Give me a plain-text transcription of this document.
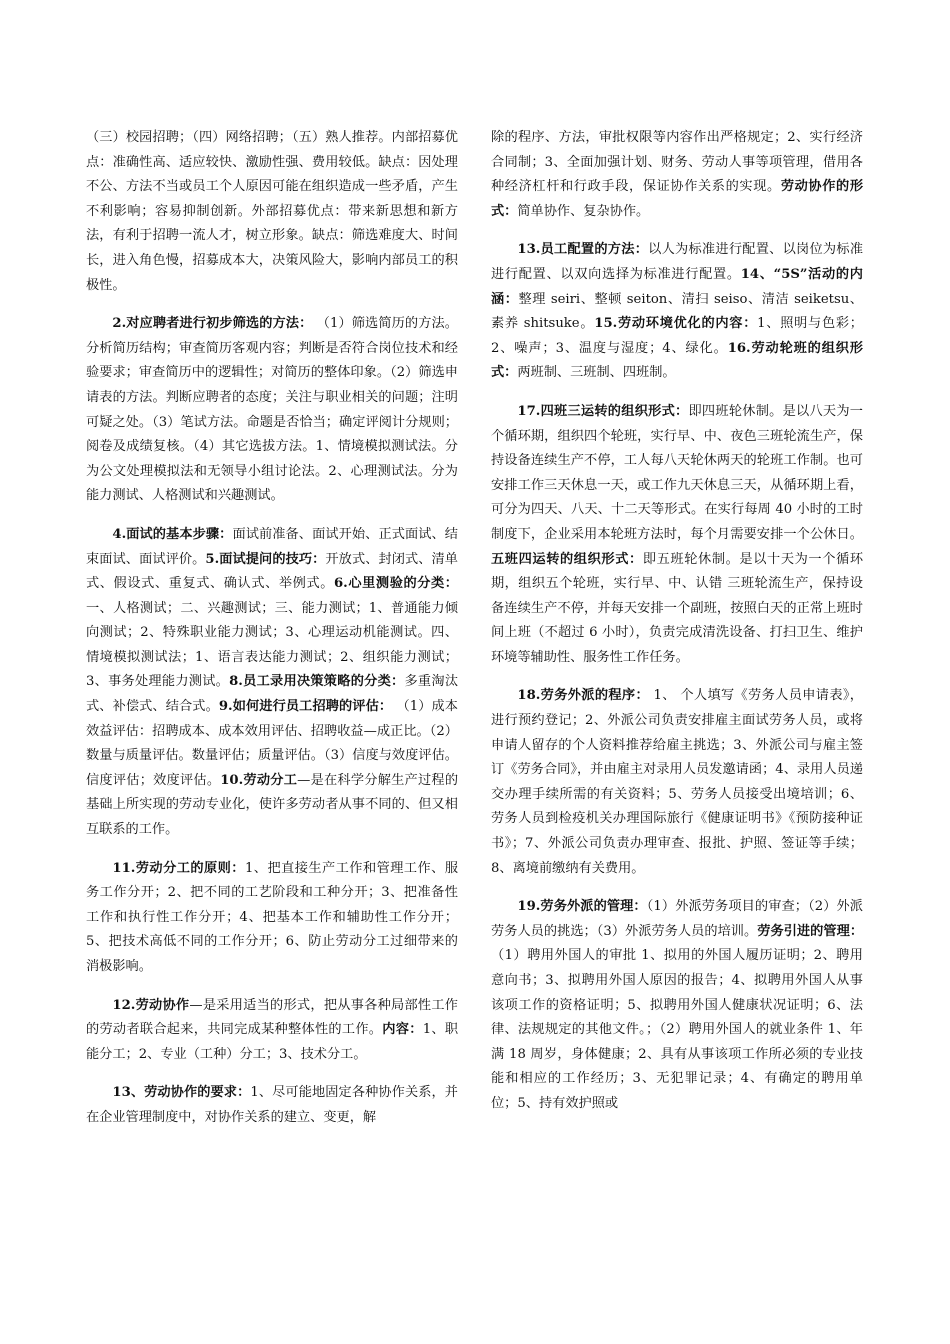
（三）校园招聘；（四）网络招聘；（五）熟人推荐。内部招募优点：准确性高、适应较快、激励性强、费用较低。缺点：因处理不公、方法不当或员工个人原因可能在组织造成一些矛盾，产生不利影响；容易抑制创新。外部招募优点：带来新思想和新方法，有利于招聘一流人才，树立形象。缺点：筛选难度大、时间长，进入角色慢，招募成本大，决策风险大，影响内部员工的积极性。

2.对应聘者进行初步筛选的方法： （1）筛选简历的方法。分析简历结构；审查简历客观内容；判断是否符合岗位技术和经验要求；审查简历中的逻辑性；对简历的整体印象。（2）筛选申请表的方法。判断应聘者的态度；关注与职业相关的问题；注明可疑之处。（3）笔试方法。命题是否恰当；确定评阅计分规则；阅卷及成绩复核。（4）其它选拔方法。1、情境模拟测试法。分为公文处理模拟法和无领导小组讨论法。2、心理测试法。分为能力测试、人格测试和兴趣测试。

4.面试的基本步骤：面试前准备、面试开始、正式面试、结束面试、面试评价。5.面试提问的技巧：开放式、封闭式、清单式、假设式、重复式、确认式、举例式。6.心里测验的分类：一、人格测试；二、兴趣测试；三、能力测试；1、普通能力倾向测试；2、特殊职业能力测试；3、心理运动机能测试。四、情境模拟测试法；1、语言表达能力测试；2、组织能力测试；3、事务处理能力测试。8.员工录用决策策略的分类：多重淘汰式、补偿式、结合式。9.如何进行员工招聘的评估： （1）成本效益评估：招聘成本、成本效用评估、招聘收益—成正比。（2）数量与质量评估。数量评估；质量评估。（3）信度与效度评估。信度评估；效度评估。10.劳动分工—是在科学分解生产过程的基础上所实现的劳动专业化，使许多劳动者从事不同的、但又相互联系的工作。

11.劳动分工的原则：1、把直接生产工作和管理工作、服务工作分开；2、把不同的工艺阶段和工种分开；3、把准备性工作和执行性工作分开；4、把基本工作和辅助性工作分开；5、把技术高低不同的工作分开；6、防止劳动分工过细带来的消极影响。

12.劳动协作—是采用适当的形式，把从事各种局部性工作的劳动者联合起来，共同完成某种整体性的工作。内容：1、职能分工；2、专业（工种）分工；3、技术分工。

13、劳动协作的要求：1、尽可能地固定各种协作关系，并在企业管理制度中，对协作关系的建立、变更，解

除的程序、方法，审批权限等内容作出严格规定；2、实行经济合同制；3、全面加强计划、财务、劳动人事等项管理，借用各种经济杠杆和行政手段，保证协作关系的实现。劳动协作的形式：简单协作、复杂协作。

13.员工配置的方法：以人为标准进行配置、以岗位为标准进行配置、以双向选择为标准进行配置。14、“5S”活动的内涵：整理 seiri、整顿 seiton、清扫 seiso、清洁 seiketsu、素养 shitsuke。15.劳动环境优化的内容：1、照明与色彩；2、噪声；3、温度与湿度；4、绿化。16.劳动轮班的组织形式：两班制、三班制、四班制。

17.四班三运转的组织形式：即四班轮休制。是以八天为一个循环期，组织四个轮班，实行早、中、夜色三班轮流生产，保持设备连续生产不停，工人每八天轮休两天的轮班工作制。也可安排工作三天休息一天，或工作九天休息三天，从循环期上看，可分为四天、八天、十二天等形式。在实行每周 40 小时的工时制度下，企业采用本轮班方法时，每个月需要安排一个公休日。五班四运转的组织形式：即五班轮休制。是以十天为一个循环期，组织五个轮班，实行早、中、认错 三班轮流生产，保持设备连续生产不停，并每天安排一个副班，按照白天的正常上班时间上班（不超过 6 小时），负责完成清洗设备、打扫卫生、维护环境等辅助性、服务性工作任务。

18.劳务外派的程序： 1、 个人填写《劳务人员申请表》，进行预约登记；2、外派公司负责安排雇主面试劳务人员，或将申请人留存的个人资料推荐给雇主挑选；3、外派公司与雇主签订《劳务合同》，并由雇主对录用人员发邀请函；4、录用人员递交办理手续所需的有关资料；5、劳务人员接受出境培训；6、劳务人员到检疫机关办理国际旅行《健康证明书》《预防接种证书》；7、外派公司负责办理审查、报批、护照、签证等手续；8、离境前缴纳有关费用。

19.劳务外派的管理：（1）外派劳务项目的审查；（2）外派劳务人员的挑选；（3）外派劳务人员的培训。劳务引进的管理：（1）聘用外国人的审批 1、拟用的外国人履历证明；2、聘用意向书；3、拟聘用外国人原因的报告；4、拟聘用外国人从事该项工作的资格证明；5、拟聘用外国人健康状况证明；6、法律、法规规定的其他文件。；（2）聘用外国人的就业条件 1、年满 18 周岁，身体健康；2、具有从事该项工作所必须的专业技能和相应的工作经历；3、无犯罪记录；4、有确定的聘用单位；5、持有效护照或
